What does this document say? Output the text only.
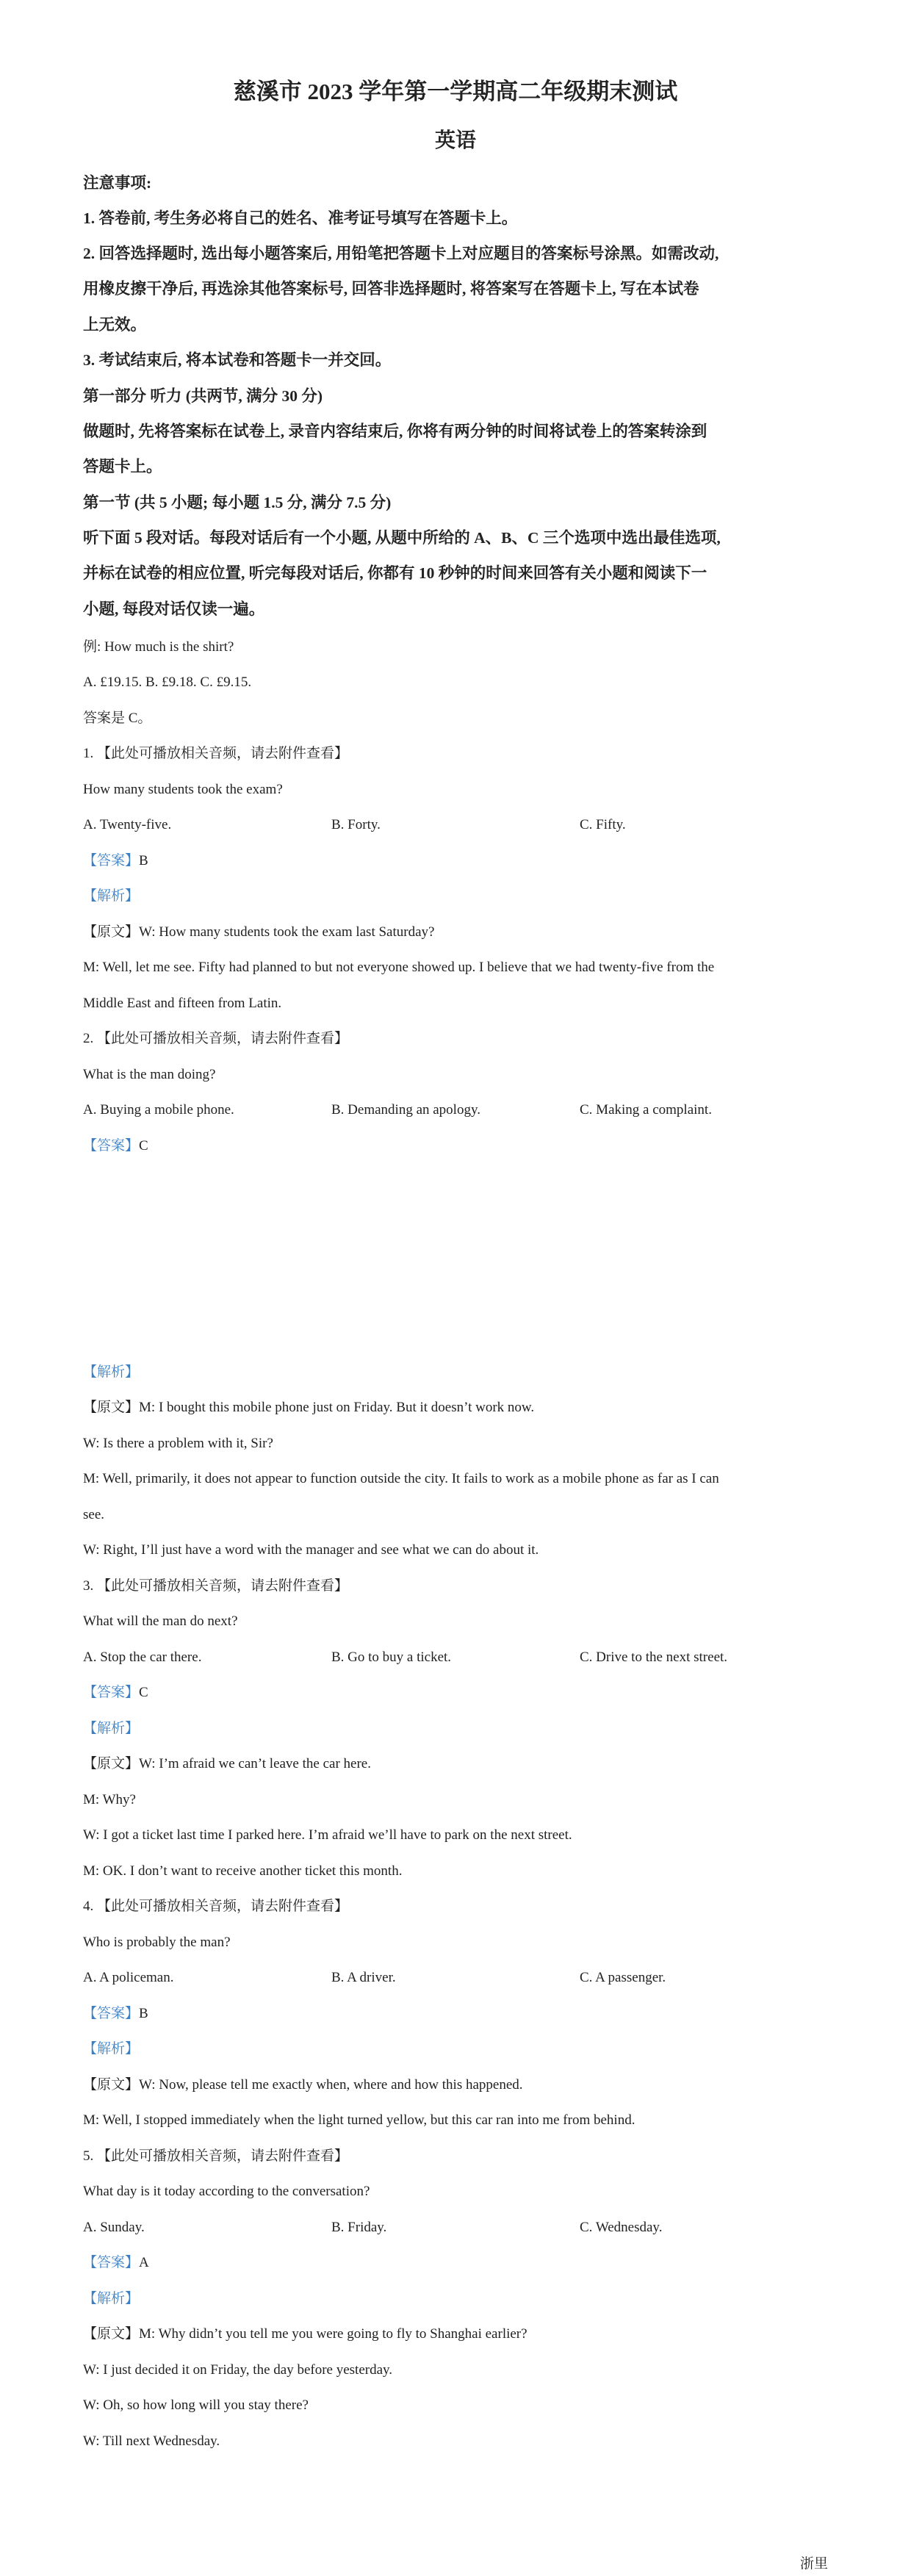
慈溪市 2023 学年第一学期高二年级期末测试
英语
注意事项:
1. 答卷前, 考生务必将自己的姓名、准考证号填写在答题卡上。
2. 回答选择题时, 选出每小题答案后, 用铅笔把答题卡上对应题目的答案标号涂黑。如需改动,
用橡皮擦干净后, 再选涂其他答案标号, 回答非选择题时, 将答案写在答题卡上, 写在本试卷
上无效。
3. 考试结束后, 将本试卷和答题卡一并交回。
第一部分 听力 (共两节, 满分 30 分)
做题时, 先将答案标在试卷上, 录音内容结束后, 你将有两分钟的时间将试卷上的答案转涂到
答题卡上。
第一节 (共 5 小题; 每小题 1.5 分, 满分 7.5 分)
听下面 5 段对话。每段对话后有一个小题, 从题中所给的 A、B、C 三个选项中选出最佳选项,
并标在试卷的相应位置, 听完每段对话后, 你都有 10 秒钟的时间来回答有关小题和阅读下一
小题, 每段对话仅读一遍。
例: How much is the shirt?
A. £19.15. B. £9.18. C. £9.15.
答案是 C。
1. 【此处可播放相关音频，请去附件查看】
How many students took the exam?
A. Twenty-five.	B. Forty.	C. Fifty.
【答案】B
【解析】
【原文】W: How many students took the exam last Saturday?
M: Well, let me see. Fifty had planned to but not everyone showed up. I believe that we had twenty-five from the
Middle East and fifteen from Latin.
2. 【此处可播放相关音频，请去附件查看】
What is the man doing?
A. Buying a mobile phone.	B. Demanding an apology.	C. Making a complaint.
【答案】C
【解析】
【原文】M: I bought this mobile phone just on Friday. But it doesn’t work now.
W: Is there a problem with it, Sir?
M: Well, primarily, it does not appear to function outside the city. It fails to work as a mobile phone as far as I can
see.
W: Right, I’ll just have a word with the manager and see what we can do about it.
3. 【此处可播放相关音频，请去附件查看】
What will the man do next?
A. Stop the car there.	B. Go to buy a ticket.	C. Drive to the next street.
【答案】C
【解析】
【原文】W: I’m afraid we can’t leave the car here.
M: Why?
W: I got a ticket last time I parked here. I’m afraid we’ll have to park on the next street.
M: OK. I don’t want to receive another ticket this month.
4. 【此处可播放相关音频，请去附件查看】
Who is probably the man?
A. A policeman.	B. A driver.	C. A passenger.
【答案】B
【解析】
【原文】W: Now, please tell me exactly when, where and how this happened.
M: Well, I stopped immediately when the light turned yellow, but this car ran into me from behind.
5. 【此处可播放相关音频，请去附件查看】
What day is it today according to the conversation?
A. Sunday.	B. Friday.	C. Wednesday.
【答案】A
【解析】
【原文】M: Why didn’t you tell me you were going to fly to Shanghai earlier?
W: I just decided it on Friday, the day before yesterday.
W: Oh, so how long will you stay there?
W: Till next Wednesday.
浙里
